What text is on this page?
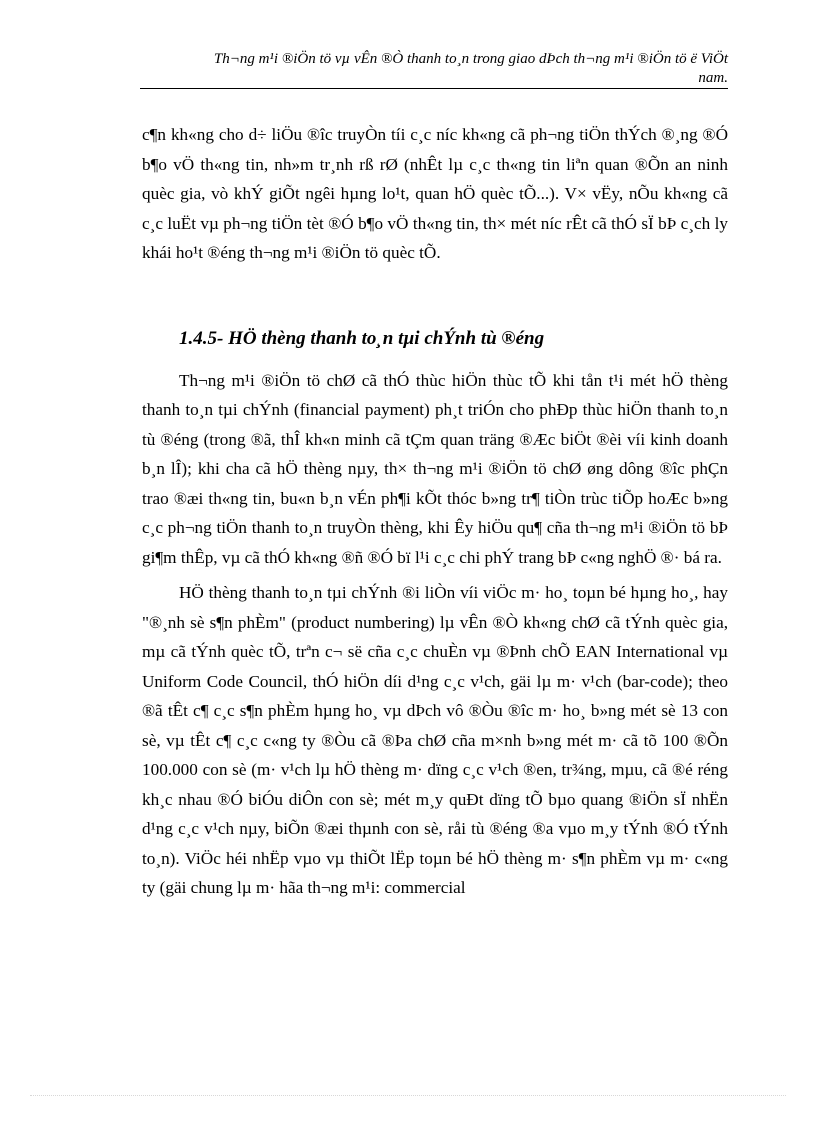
Th¬ng m¹i ®iÖn tö vµ vÊn ®Ò thanh to¸n trong giao dÞch th¬ng m¹i ®iÖn tö ë ViÖt
nam.

c¶n kh«ng cho d÷ liÖu ®îc truyÒn tíi c¸c níc kh«ng cã ph¬ng tiÖn thÝch ®¸ng ®Ó b¶o vÖ th«ng tin, nh»m tr¸nh rß rØ (nhÊt lµ c¸c th«ng tin liªn quan ®Õn an ninh quèc gia, vò khÝ giÕt ngêi hµng lo¹t, quan hÖ quèc tÕ...). V× vËy, nÕu kh«ng cã c¸c luËt vµ ph¬ng tiÖn tèt ®Ó b¶o vÖ th«ng tin, th× mét níc rÊt cã thÓ sÏ bÞ c¸ch ly khái ho¹t ®éng th¬ng m¹i ®iÖn tö quèc tÕ.

1.4.5- HÖ thèng thanh to¸n tµi chÝnh tù ®éng

Th¬ng m¹i ®iÖn tö chØ cã thÓ thùc hiÖn thùc tÕ khi tån t¹i mét hÖ thèng thanh to¸n tµi chÝnh (financial payment) ph¸t triÓn cho phÐp thùc hiÖn thanh to¸n tù ®éng (trong ®ã, thÎ kh«n minh cã tÇm quan träng ®Æc biÖt ®èi víi kinh doanh b¸n lÎ); khi cha cã hÖ thèng nµy, th× th¬ng m¹i ®iÖn tö chØ øng dông ®îc phÇn trao ®æi th«ng tin, bu«n b¸n vÉn ph¶i kÕt thóc b»ng tr¶ tiÒn trùc tiÕp hoÆc b»ng c¸c ph¬ng tiÖn thanh to¸n truyÒn thèng, khi Êy hiÖu qu¶ cña th¬ng m¹i ®iÖn tö bÞ gi¶m thÊp, vµ cã thÓ kh«ng ®ñ ®Ó bï l¹i c¸c chi phÝ trang bÞ c«ng nghÖ ®· bá ra.

HÖ thèng thanh to¸n tµi chÝnh ®i liÒn víi viÖc m· ho¸ toµn bé hµng ho¸, hay "®¸nh sè s¶n phÈm" (product numbering) lµ vÊn ®Ò kh«ng chØ cã tÝnh quèc gia, mµ cã tÝnh quèc tÕ, trªn c¬ së cña c¸c chuÈn vµ ®Þnh chÕ EAN International vµ Uniform Code Council, thÓ hiÖn díi d¹ng c¸c v¹ch, gäi lµ m· v¹ch (bar-code); theo ®ã tÊt c¶ c¸c s¶n phÈm hµng ho¸ vµ dÞch vô ®Òu ®îc m· ho¸ b»ng mét sè 13 con sè, vµ tÊt c¶ c¸c c«ng ty ®Òu cã ®Þa chØ cña m×nh b»ng mét m· cã tõ 100 ®Õn 100.000 con sè (m· v¹ch lµ hÖ thèng m· dïng c¸c v¹ch ®en, tr¾ng, mµu, cã ®é réng kh¸c nhau ®Ó biÓu diÔn con sè; mét m¸y quÐt dïng tÕ bµo quang ®iÖn sÏ nhËn d¹ng c¸c v¹ch nµy, biÕn ®æi thµnh con sè, råi tù ®éng ®a vµo m¸y tÝnh ®Ó tÝnh to¸n). ViÖc héi nhËp vµo vµ thiÕt lËp toµn bé hÖ thèng m· s¶n phÈm vµ m· c«ng ty (gäi chung lµ m· hãa th¬ng m¹i: commercial
